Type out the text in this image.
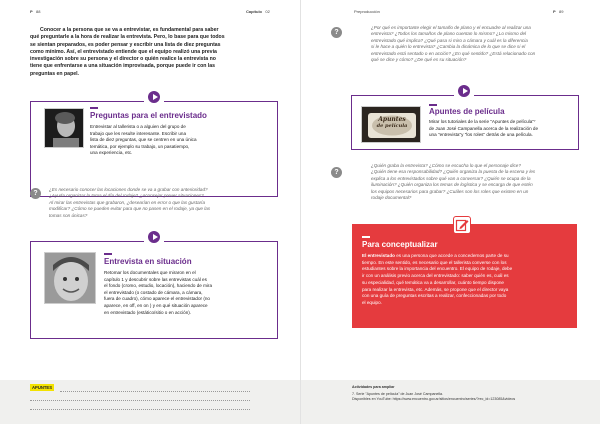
P 88	Capítulo 02
Conocer a la persona que se va a entrevistar, es fundamental para saber
qué preguntarle a la hora de realizar la entrevista. Pero, lo base para que todos
se sientan preparados, es poder pensar y escribir una lista de diez preguntas
como mínimo. Así, el entrevistado entiende que el equipo realizó una previa
investigación sobre su persona y el director o quién realice la entrevista no
tiene que enfrentarse a una situación improvisada, porque puede ir con las
preguntas en papel.
Preguntas para el entrevistado
Entrevistar al tallerista o a alguien del grupo de
trabajo que les resulte interesante. Escribir una
lista de diez preguntas, que se centren en una única
temática, por ejemplo su trabajo, un pasatiempo,
una experiencia, etc.
?
¿Es necesario conocer las locaciones donde se va a grabar con anterioridad?
¿Ayuda organizar la toma el día del rodaje? ¿Aconsejar prever situaciones?
Al mirar las entrevistas que grabaron, ¿desearían en error o que las gustaría
modificar? ¿Cómo se pueden evitar para que no pasen en el rodaje, ya que las
tomas son únicas?
Entrevista en situación
Retomar los documentales que miraron en el
capítulo 1 y descubrir sobre las entrevistas cuál es
el fondo (cromo, estudio, locación), haciendo de mira
el entrevistado (o costado de cámara, a cámara,
fuera de cuadro), cómo aparece el entrevistador (no
aparece, en off, en on ) y en qué situación aparece
en entrevistado (estático/sitio o en acción).
APUNTES
Preproducción	P 89
?
¿Por qué es importante elegir el tamaño de plano y el encuadre al realizar una
entrevista? ¿Todos los tamaños de plano cuentan lo mismo? ¿Lo mismo del
entrevistado qué implica? ¿Qué pasa si miro a cámara y cuál es la diferencia
si le hace a quién lo entrevista? ¿Cambia la dinámica de lo que se dice si el
entrevistado está sentado o en acción? ¿En qué sentido? ¿Está relacionado con
qué se dice y cómo? ¿De qué es su situación?
Apuntes
de película
Apuntes de película
Mirar los tutoriales de la serie "Apuntes de película"⁷
de Juan José Campanella acerca de la realización de
una "entrevista"y "los roles" detrás de una película.
?
¿Quién graba la entrevista? ¿Cómo se escucha lo que el personaje dice?
¿Quién tiene esa responsabilidad? ¿Quién organiza la puesta de la escena y les
explica a los entrevistados sobre qué van a conversar? ¿Quién se ocupa de la
iluminación? ¿Quién organiza los temas de logística y se encarga de que estén
los equipos necesarios para grabar? ¿Cuáles son los roles que existen en un
rodaje documental?
Para conceptualizar
El entrevistado es una persona que accede a concedernos parte de su
tiempo. En este sentido, es necesario que el tallerista converse con los
estudiantes sobre la importancia del encuentro. El equipo de rodaje, debe
ir con un análisis previo acerca del entrevistado: saber quién es, cuál es
su especialidad, qué temática va a desarrollar, cuánto tiempo dispone
para realizar la entrevista, etc. Además, se propone que el director vaya
con una guía de preguntas escritas a realizar, confeccionadas por todo
el equipo.
Actividades para ampliar
7. Serie "Apuntes de película" de Juan José Campanella.
Disponibles en YouTube: https://www.encuentro.gov.ar/sitios/encuentro/series/?rec_id=123085&videos
